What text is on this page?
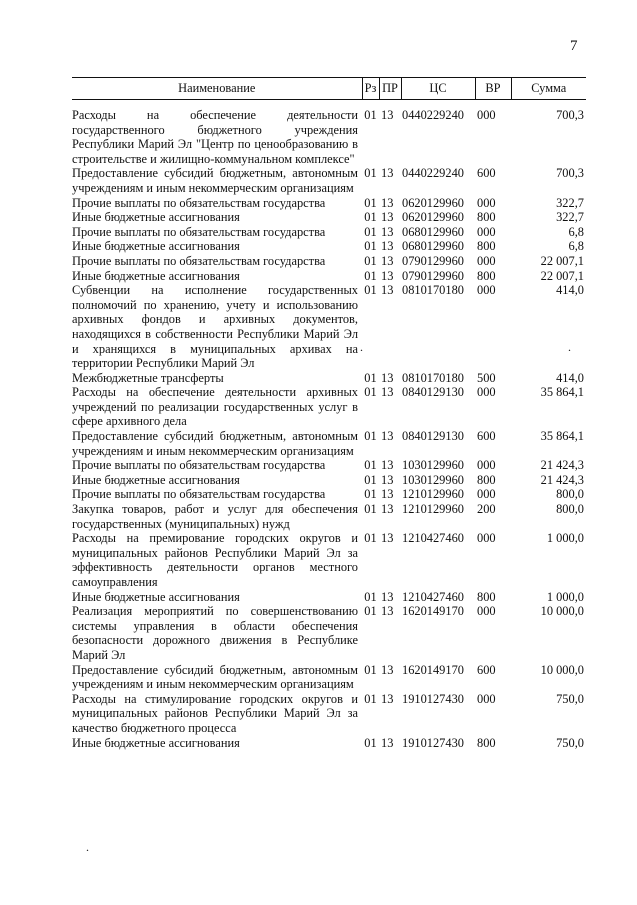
7
Наименование	Рз	ПР	ЦС	ВР	Сумма
Расходы на обеспечение деятельности государственного бюджетного учреждения Республики Марий Эл "Центр по ценообразованию в строительстве и жилищно-коммунальном комплексе"	01	13	0440229240	000	700,3
Предоставление субсидий бюджетным, автономным учреждениям и иным некоммерческим организациям	01	13	0440229240	600	700,3
Прочие выплаты по обязательствам государства	01	13	0620129960	000	322,7
Иные бюджетные ассигнования	01	13	0620129960	800	322,7
Прочие выплаты по обязательствам государства	01	13	0680129960	000	6,8
Иные бюджетные ассигнования	01	13	0680129960	800	6,8
Прочие выплаты по обязательствам государства	01	13	0790129960	000	22 007,1
Иные бюджетные ассигнования	01	13	0790129960	800	22 007,1
Субвенции на исполнение государственных полномочий по хранению, учету и использованию архивных фондов и архивных документов, находящихся в собственности Республики Марий Эл и хранящихся в муниципальных архивах на территории Республики Марий Эл	01	13	0810170180	000	414,0
Межбюджетные трансферты	01	13	0810170180	500	414,0
Расходы на обеспечение деятельности архивных учреждений по реализации государственных услуг в сфере архивного дела	01	13	0840129130	000	35 864,1
Предоставление субсидий бюджетным, автономным учреждениям и иным некоммерческим организациям	01	13	0840129130	600	35 864,1
Прочие выплаты по обязательствам государства	01	13	1030129960	000	21 424,3
Иные бюджетные ассигнования	01	13	1030129960	800	21 424,3
Прочие выплаты по обязательствам государства	01	13	1210129960	000	800,0
Закупка товаров, работ и услуг для обеспечения государственных (муниципальных) нужд	01	13	1210129960	200	800,0
Расходы на премирование городских округов и муниципальных районов Республики Марий Эл за эффективность деятельности органов местного самоуправления	01	13	1210427460	000	1 000,0
Иные бюджетные ассигнования	01	13	1210427460	800	1 000,0
Реализация мероприятий по совершенствованию системы управления в области обеспечения безопасности дорожного движения в Республике Марий Эл	01	13	1620149170	000	10 000,0
Предоставление субсидий бюджетным, автономным учреждениям и иным некоммерческим организациям	01	13	1620149170	600	10 000,0
Расходы на стимулирование городских округов и муниципальных районов Республики Марий Эл за качество бюджетного процесса	01	13	1910127430	000	750,0
Иные бюджетные ассигнования	01	13	1910127430	800	750,0
.	.
.
